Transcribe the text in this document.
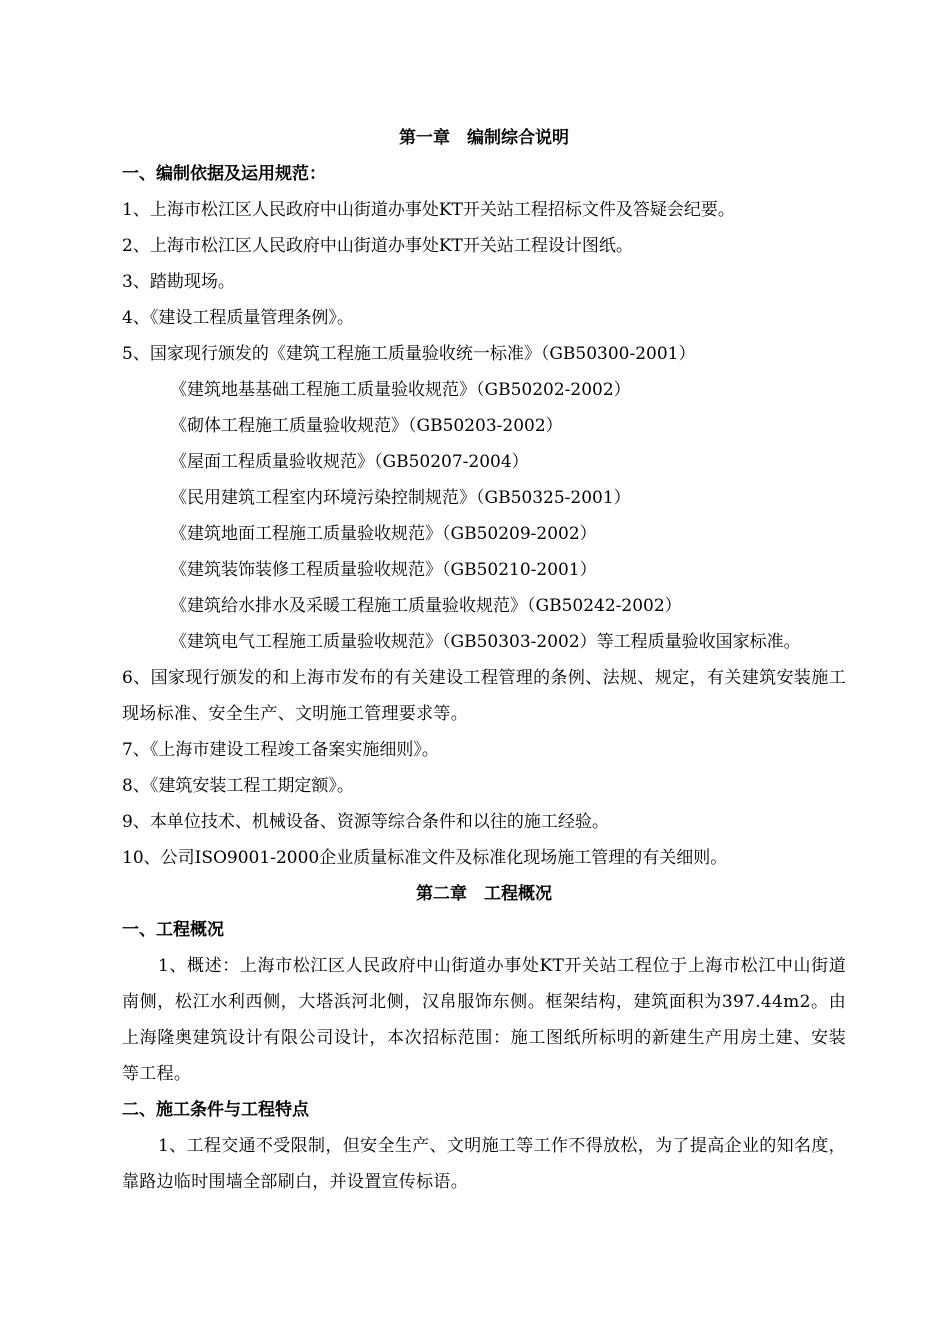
第一章　编制综合说明
一、编制依据及运用规范：
1、上海市松江区人民政府中山街道办事处KT开关站工程招标文件及答疑会纪要。
2、上海市松江区人民政府中山街道办事处KT开关站工程设计图纸。
3、踏勘现场。
4、《建设工程质量管理条例》。
5、国家现行颁发的《建筑工程施工质量验收统一标准》（GB50300-2001）
《建筑地基基础工程施工质量验收规范》（GB50202-2002）
《砌体工程施工质量验收规范》（GB50203-2002）
《屋面工程质量验收规范》（GB50207-2004）
《民用建筑工程室内环境污染控制规范》（GB50325-2001）
《建筑地面工程施工质量验收规范》（GB50209-2002）
《建筑装饰装修工程质量验收规范》（GB50210-2001）
《建筑给水排水及采暖工程施工质量验收规范》（GB50242-2002）
《建筑电气工程施工质量验收规范》（GB50303-2002）等工程质量验收国家标准。
6、国家现行颁发的和上海市发布的有关建设工程管理的条例、法规、规定，有关建筑安装施工现场标准、安全生产、文明施工管理要求等。
7、《上海市建设工程竣工备案实施细则》。
8、《建筑安装工程工期定额》。
9、本单位技术、机械设备、资源等综合条件和以往的施工经验。
10、公司ISO9001-2000企业质量标准文件及标准化现场施工管理的有关细则。
第二章　工程概况
一、工程概况
1、概述：上海市松江区人民政府中山街道办事处KT开关站工程位于上海市松江中山街道南侧，松江水利西侧，大塔浜河北侧，汉帛服饰东侧。框架结构，建筑面积为397.44m2。由上海隆奥建筑设计有限公司设计，本次招标范围：施工图纸所标明的新建生产用房土建、安装等工程。
二、施工条件与工程特点
1、工程交通不受限制，但安全生产、文明施工等工作不得放松，为了提高企业的知名度，靠路边临时围墙全部刷白，并设置宣传标语。
